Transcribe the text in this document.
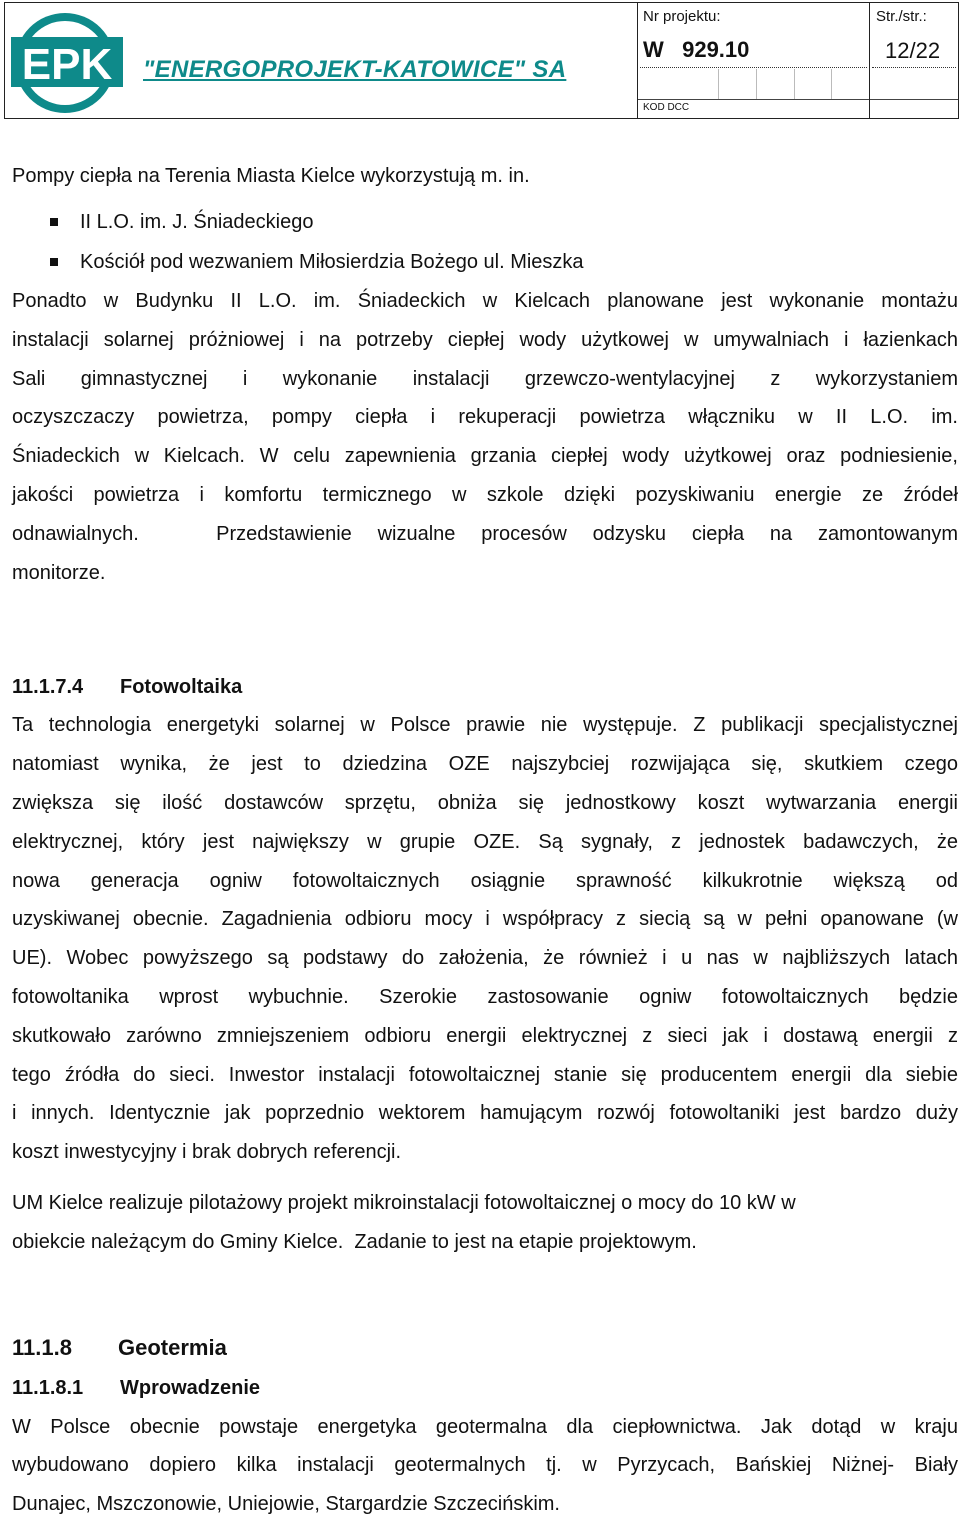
EPK "ENERGOPROJEKT-KATOWICE" SA
Nr projektu:
W   929.10
KOD DCC
Str./str.:
12/22

Pompy ciepła na Terenia Miasta Kielce wykorzystują m. in.

II L.O. im. J. Śniadeckiego
Kościół pod wezwaniem Miłosierdzia Bożego ul. Mieszka

Ponadto w Budynku II L.O. im. Śniadeckich w Kielcach planowane jest wykonanie montażu

instalacji solarnej próżniowej i na potrzeby ciepłej wody użytkowej w umywalniach i łazienkach

Sali gimnastycznej i wykonanie instalacji grzewczo-wentylacyjnej z wykorzystaniem

oczyszczaczy powietrza, pompy ciepła i rekuperacji powietrza włączniku w II L.O. im.

Śniadeckich w Kielcach. W celu zapewnienia grzania ciepłej wody użytkowej oraz podniesienie,

jakości powietrza i komfortu termicznego w szkole dzięki pozyskiwaniu energie ze źródeł

odnawialnych.   Przedstawienie wizualne procesów odzysku ciepła na zamontowanym

monitorze.

11.1.7.4 Fotowoltaika

Ta technologia energetyki solarnej w Polsce prawie nie występuje. Z publikacji specjalistycznej

natomiast wynika, że jest to dziedzina OZE najszybciej rozwijająca się, skutkiem czego

zwiększa się ilość dostawców sprzętu, obniża się jednostkowy koszt wytwarzania energii

elektrycznej, który jest największy w grupie OZE. Są sygnały, z jednostek badawczych, że

nowa generacja ogniw fotowoltaicznych osiągnie sprawność kilkukrotnie większą od

uzyskiwanej obecnie. Zagadnienia odbioru mocy i współpracy z siecią są w pełni opanowane (w

UE). Wobec powyższego są podstawy do założenia, że również i u nas w najbliższych latach

fotowoltanika wprost wybuchnie. Szerokie zastosowanie ogniw fotowoltaicznych będzie

skutkowało zarówno zmniejszeniem odbioru energii elektrycznej z sieci jak i dostawą energii z

tego źródła do sieci. Inwestor instalacji fotowoltaicznej stanie się producentem energii dla siebie

i innych. Identycznie jak poprzednio wektorem hamującym rozwój fotowoltaniki jest bardzo duży

koszt inwestycyjny i brak dobrych referencji.

UM Kielce realizuje pilotażowy projekt mikroinstalacji fotowoltaicznej o mocy do 10 kW w

obiekcie należącym do Gminy Kielce.  Zadanie to jest na etapie projektowym.

11.1.8 Geotermia
11.1.8.1 Wprowadzenie

W Polsce obecnie powstaje energetyka geotermalna dla ciepłownictwa. Jak dotąd w kraju

wybudowano dopiero kilka instalacji geotermalnych tj. w Pyrzycach, Bańskiej Niżnej- Biały

Dunajec, Mszczonowie, Uniejowie, Stargardzie Szczecińskim.
